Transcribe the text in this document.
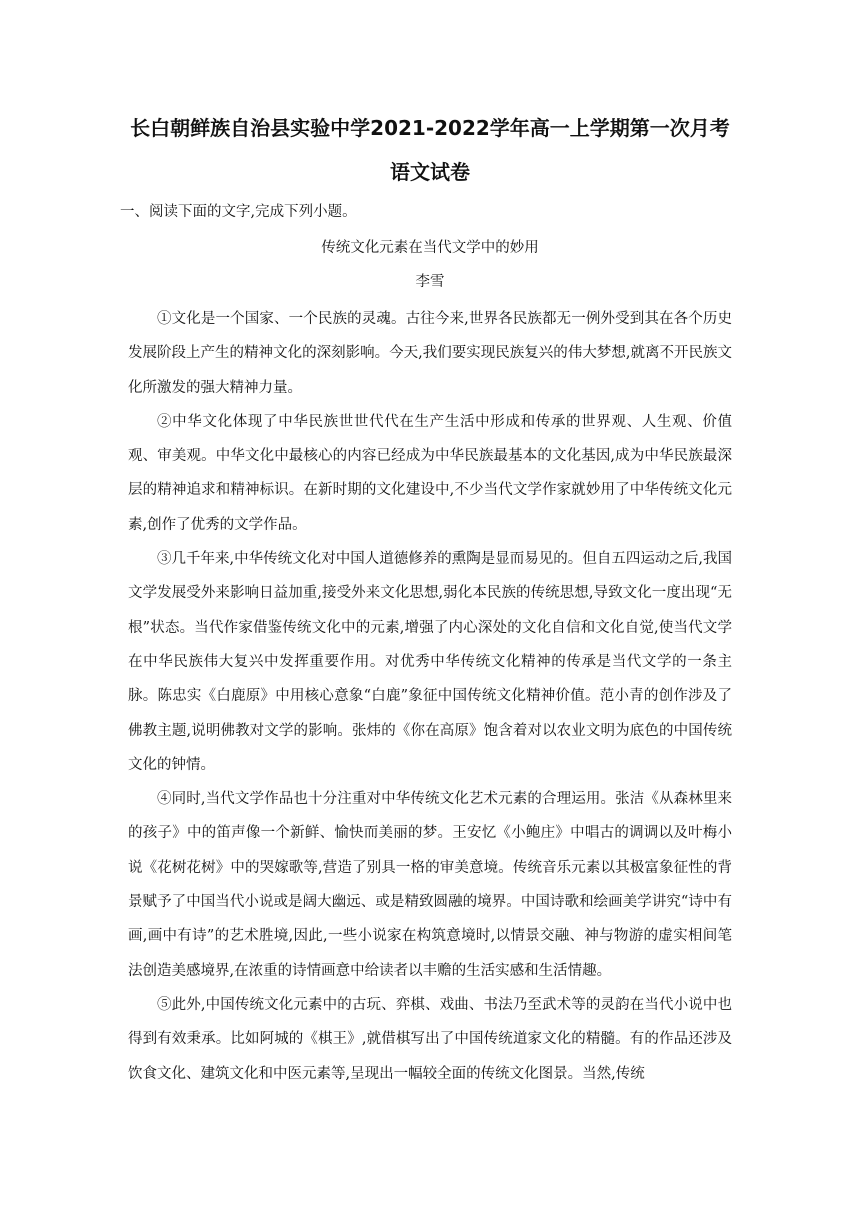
长白朝鲜族自治县实验中学2021-2022学年高一上学期第一次月考
语文试卷

一、阅读下面的文字,完成下列小题。

传统文化元素在当代文学中的妙用

李雪

①文化是一个国家、一个民族的灵魂。古往今来,世界各民族都无一例外受到其在各个历史发展阶段上产生的精神文化的深刻影响。今天,我们要实现民族复兴的伟大梦想,就离不开民族文化所激发的强大精神力量。

②中华文化体现了中华民族世世代代在生产生活中形成和传承的世界观、人生观、价值观、审美观。中华文化中最核心的内容已经成为中华民族最基本的文化基因,成为中华民族最深层的精神追求和精神标识。在新时期的文化建设中,不少当代文学作家就妙用了中华传统文化元素,创作了优秀的文学作品。

③几千年来,中华传统文化对中国人道德修养的熏陶是显而易见的。但自五四运动之后,我国文学发展受外来影响日益加重,接受外来文化思想,弱化本民族的传统思想,导致文化一度出现“无根”状态。当代作家借鉴传统文化中的元素,增强了内心深处的文化自信和文化自觉,使当代文学在中华民族伟大复兴中发挥重要作用。对优秀中华传统文化精神的传承是当代文学的一条主脉。陈忠实《白鹿原》中用核心意象“白鹿”象征中国传统文化精神价值。范小青的创作涉及了佛教主题,说明佛教对文学的影响。张炜的《你在高原》饱含着对以农业文明为底色的中国传统文化的钟情。

④同时,当代文学作品也十分注重对中华传统文化艺术元素的合理运用。张洁《从森林里来的孩子》中的笛声像一个新鲜、愉快而美丽的梦。王安忆《小鲍庄》中唱古的调调以及叶梅小说《花树花树》中的哭嫁歌等,营造了别具一格的审美意境。传统音乐元素以其极富象征性的背景赋予了中国当代小说或是阔大幽远、或是精致圆融的境界。中国诗歌和绘画美学讲究“诗中有画,画中有诗”的艺术胜境,因此,一些小说家在构筑意境时,以情景交融、神与物游的虚实相间笔法创造美感境界,在浓重的诗情画意中给读者以丰赡的生活实感和生活情趣。

⑤此外,中国传统文化元素中的古玩、弈棋、戏曲、书法乃至武术等的灵韵在当代小说中也得到有效秉承。比如阿城的《棋王》,就借棋写出了中国传统道家文化的精髓。有的作品还涉及饮食文化、建筑文化和中医元素等,呈现出一幅较全面的传统文化图景。当然,传统
